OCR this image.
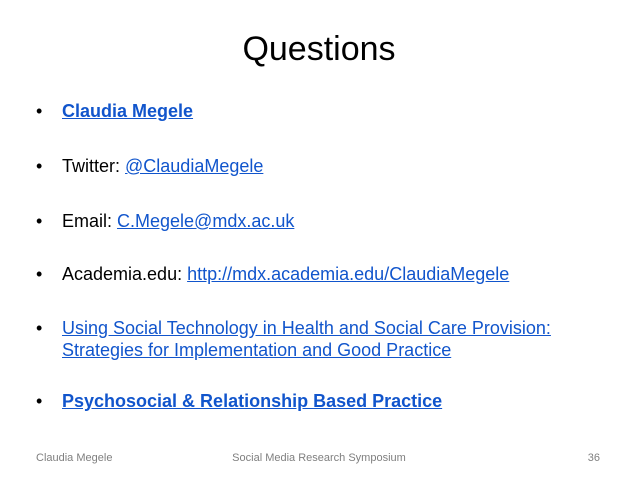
Questions
•	Claudia Megele
•	Twitter: @ClaudiaMegele
•	Email: C.Megele@mdx.ac.uk
•	Academia.edu: http://mdx.academia.edu/ClaudiaMegele
•	Using Social Technology in Health and Social Care Provision:
Strategies for Implementation and Good Practice
•	Psychosocial & Relationship Based Practice
Claudia Megele	Social Media Research Symposium	36
